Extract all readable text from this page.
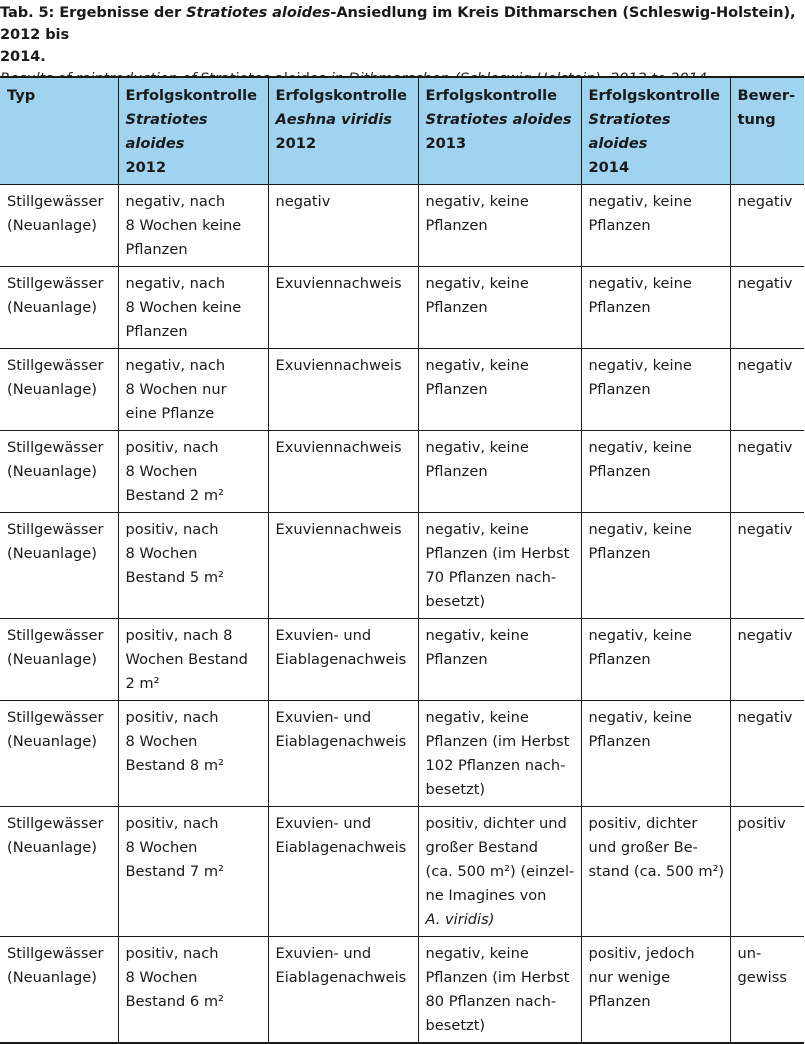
Tab. 5: Ergebnisse der Stratiotes aloides-Ansiedlung im Kreis Dithmarschen (Schleswig-Holstein), 2012 bis
2014.
Typ	Erfolgskontrolle
Stratiotes aloides
2012	Erfolgskontrolle
Aeshna viridis
2012	Erfolgskontrolle
Stratiotes aloides
2013	Erfolgskontrolle
Stratiotes aloides
2014	Bewer-
tung

Stillgewässer
(Neuanlage)	negativ, nach
8 Wochen keine
Pflanzen	negativ	negativ, keine
Pflanzen	negativ, keine
Pflanzen	negativ

Stillgewässer
(Neuanlage)	negativ, nach
8 Wochen keine
Pflanzen	Exuviennachweis	negativ, keine
Pflanzen	negativ, keine
Pflanzen	negativ

Stillgewässer
(Neuanlage)	negativ, nach
8 Wochen nur
eine Pflanze	Exuviennachweis	negativ, keine
Pflanzen	negativ, keine
Pflanzen	negativ

Stillgewässer
(Neuanlage)	positiv, nach
8 Wochen
Bestand 2 m²	Exuviennachweis	negativ, keine
Pflanzen	negativ, keine
Pflanzen	negativ

Stillgewässer
(Neuanlage)	positiv, nach
8 Wochen
Bestand 5 m²	Exuviennachweis	negativ, keine
Pflanzen (im Herbst
70 Pflanzen nach-
besetzt)	negativ, keine
Pflanzen	negativ

Stillgewässer
(Neuanlage)	positiv, nach 8
Wochen Bestand
2 m²	Exuvien- und
Eiablagenachweis	negativ, keine
Pflanzen	negativ, keine
Pflanzen	negativ

Stillgewässer
(Neuanlage)	positiv, nach
8 Wochen
Bestand 8 m²	Exuvien- und
Eiablagenachweis	negativ, keine
Pflanzen (im Herbst
102 Pflanzen nach-
besetzt)	negativ, keine
Pflanzen	negativ

Stillgewässer
(Neuanlage)	positiv, nach
8 Wochen
Bestand 7 m²	Exuvien- und
Eiablagenachweis	positiv, dichter und
großer Bestand
(ca. 500 m²) (einzel-
ne Imagines von
A. viridis)	positiv, dichter
und großer Be-
stand (ca. 500 m²)	positiv

Stillgewässer
(Neuanlage)	positiv, nach
8 Wochen
Bestand 6 m²	Exuvien- und
Eiablagenachweis	negativ, keine
Pflanzen (im Herbst
80 Pflanzen nach-
besetzt)	positiv, jedoch
nur wenige
Pflanzen	un-
gewiss
